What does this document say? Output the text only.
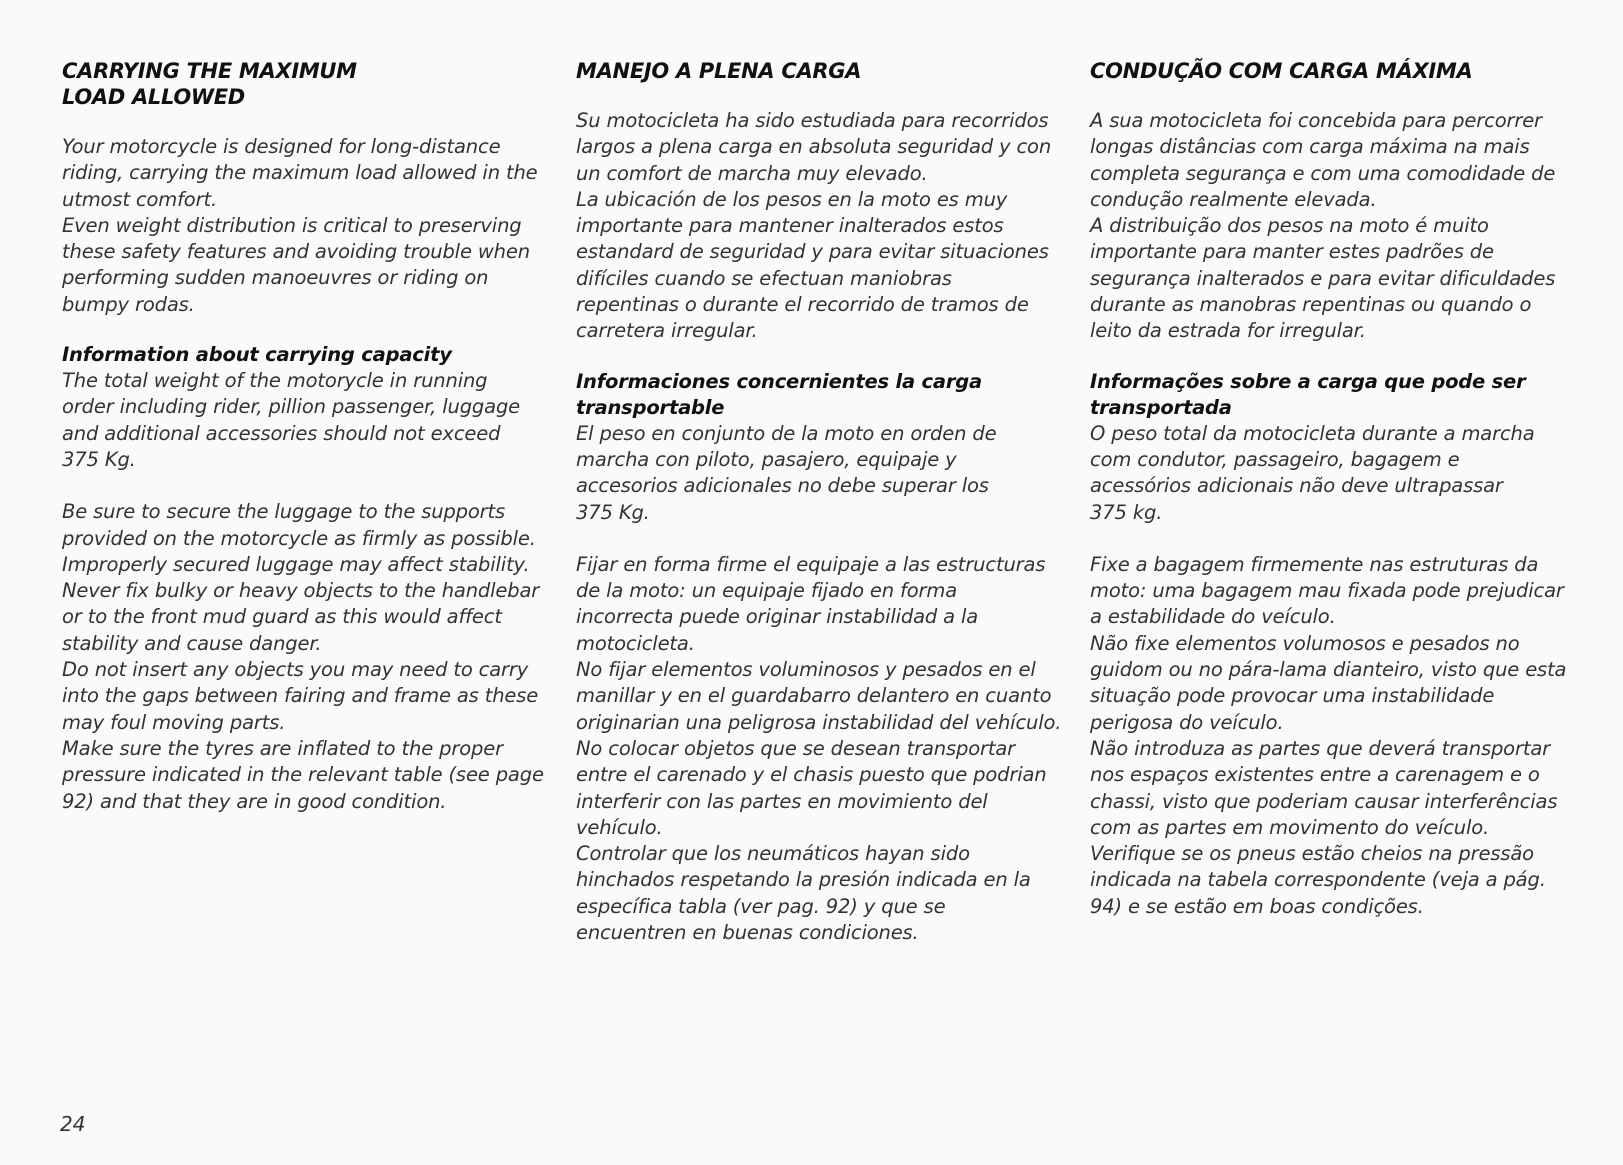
CARRYING THE MAXIMUM
LOAD ALLOWED

Your motorcycle is designed for long-distance
riding, carrying the maximum load allowed in the
utmost comfort.
Even weight distribution is critical to preserving
these safety features and avoiding trouble when
performing sudden manoeuvres or riding on
bumpy rodas.

Information about carrying capacity

The total weight of the motorycle in running
order including rider, pillion passenger, luggage
and additional accessories should not exceed
375 Kg.

Be sure to secure the luggage to the supports
provided on the motorcycle as firmly as possible.
Improperly secured luggage may affect stability.
Never fix bulky or heavy objects to the handlebar
or to the front mud guard as this would affect
stability and cause danger.
Do not insert any objects you may need to carry
into the gaps between fairing and frame as these
may foul moving parts.
Make sure the tyres are inflated to the proper
pressure indicated in the relevant table (see page
92) and that they are in good condition.

MANEJO A PLENA CARGA

Su motocicleta ha sido estudiada para recorridos
largos a plena carga en absoluta seguridad y con
un comfort de marcha muy elevado.
La ubicación de los pesos en la moto es muy
importante para mantener inalterados estos
estandard de seguridad y para evitar situaciones
difíciles cuando se efectuan maniobras
repentinas o durante el recorrido de tramos de
carretera irregular.

Informaciones concernientes la carga
transportable

El peso en conjunto de la moto en orden de
marcha con piloto, pasajero, equipaje y
accesorios adicionales no debe superar los
375 Kg.

Fijar en forma firme el equipaje a las estructuras
de la moto: un equipaje fijado en forma
incorrecta puede originar instabilidad a la
motocicleta.
No fijar elementos voluminosos y pesados en el
manillar y en el guardabarro delantero en cuanto
originarian una peligrosa instabilidad del vehículo.
No colocar objetos que se desean transportar
entre el carenado y el chasis puesto que podrian
interferir con las partes en movimiento del
vehículo.
Controlar que los neumáticos hayan sido
hinchados respetando la presión indicada en la
específica tabla (ver pag. 92) y que se
encuentren en buenas condiciones.

CONDUÇÃO COM CARGA MÁXIMA

A sua motocicleta foi concebida para percorrer
longas distâncias com carga máxima na mais
completa segurança e com uma comodidade de
condução realmente elevada.
A distribuição dos pesos na moto é muito
importante para manter estes padrões de
segurança inalterados e para evitar dificuldades
durante as manobras repentinas ou quando o
leito da estrada for irregular.

Informações sobre a carga que pode ser
transportada

O peso total da motocicleta durante a marcha
com condutor, passageiro, bagagem e
acessórios adicionais não deve ultrapassar
375 kg.

Fixe a bagagem firmemente nas estruturas da
moto: uma bagagem mau fixada pode prejudicar
a estabilidade do veículo.
Não fixe elementos volumosos e pesados no
guidom ou no pára-lama dianteiro, visto que esta
situação pode provocar uma instabilidade
perigosa do veículo.
Não introduza as partes que deverá transportar
nos espaços existentes entre a carenagem e o
chassi, visto que poderiam causar interferências
com as partes em movimento do veículo.
Verifique se os pneus estão cheios na pressão
indicada na tabela correspondente (veja a pág.
94) e se estão em boas condições.

24
